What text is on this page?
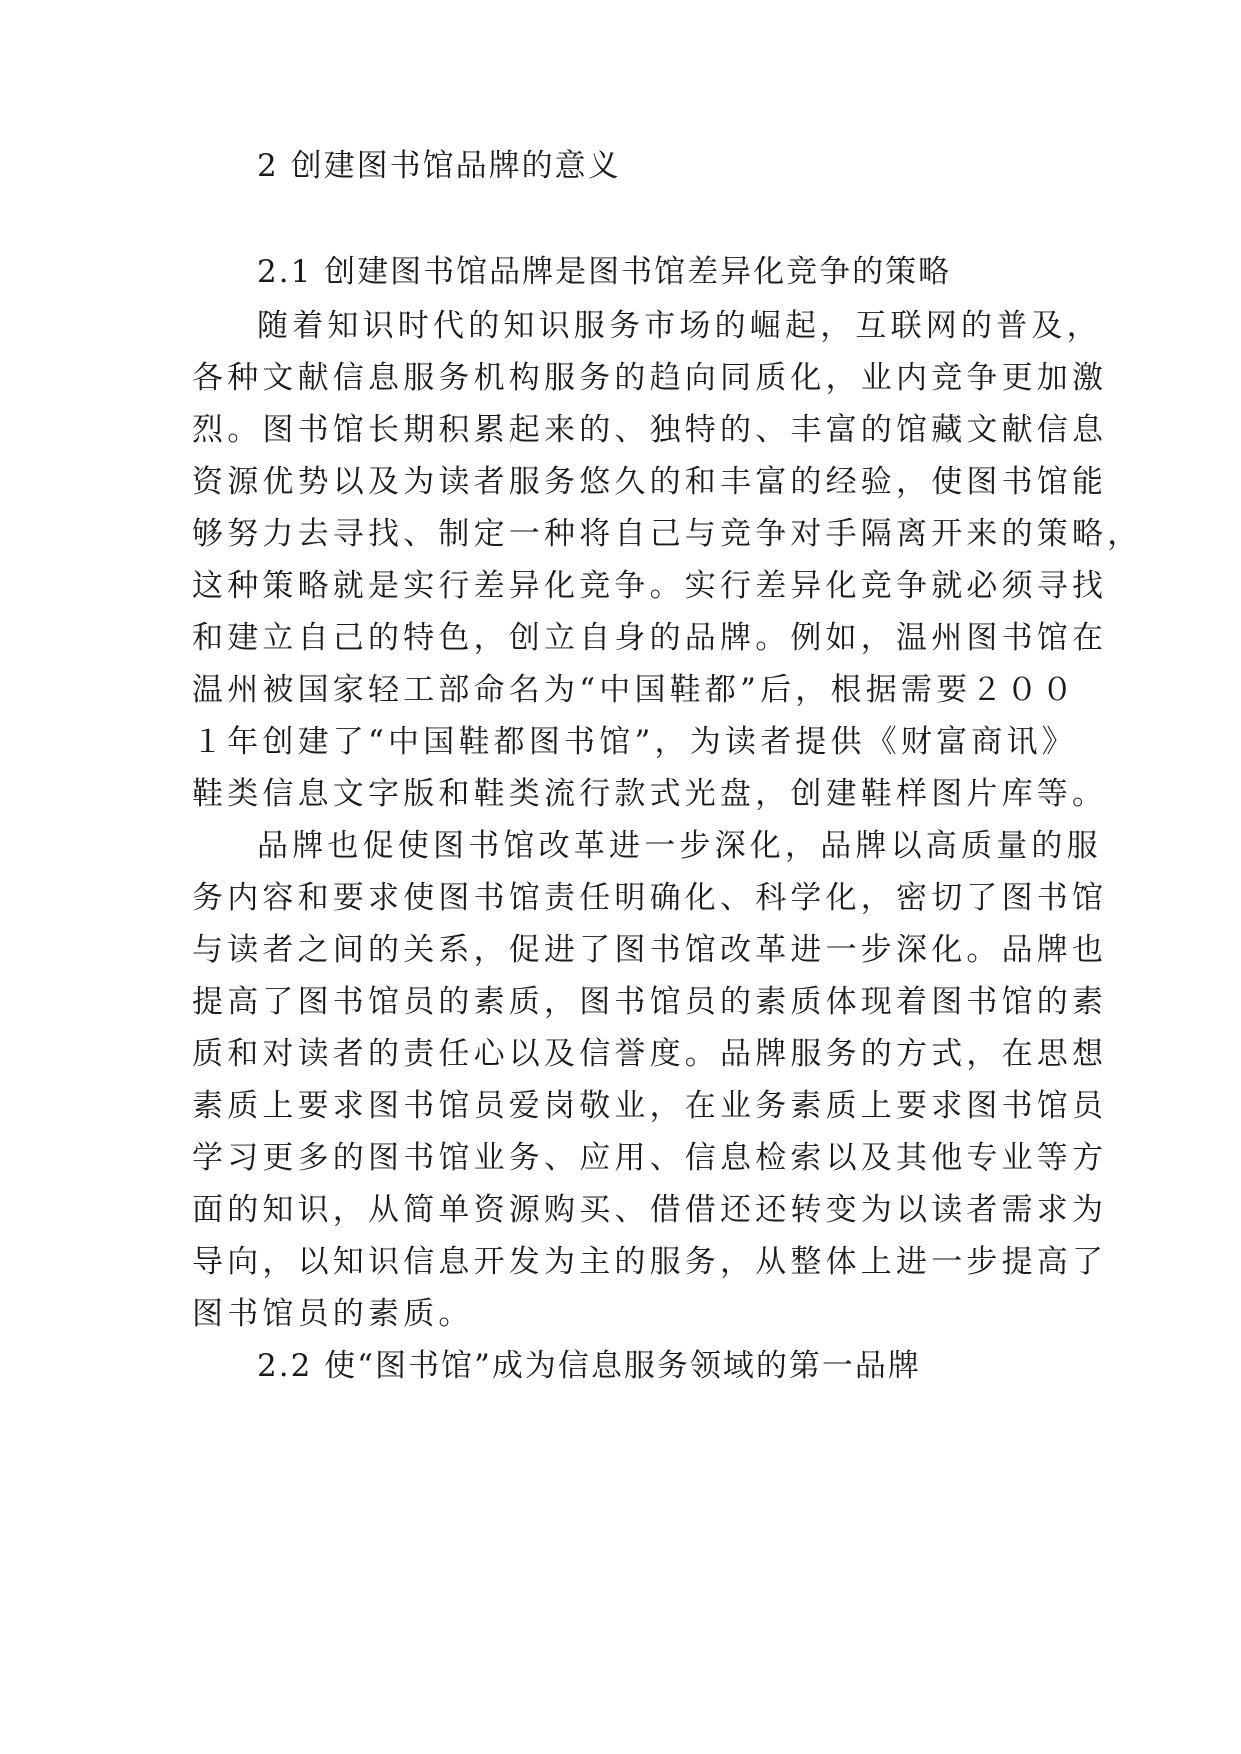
2 创建图书馆品牌的意义
2.1 创建图书馆品牌是图书馆差异化竞争的策略
随着知识时代的知识服务市场的崛起，互联网的普及，
各种文献信息服务机构服务的趋向同质化，业内竞争更加激
烈。图书馆长期积累起来的、独特的、丰富的馆藏文献信息
资源优势以及为读者服务悠久的和丰富的经验，使图书馆能
够努力去寻找、制定一种将自己与竞争对手隔离开来的策略，
这种策略就是实行差异化竞争。实行差异化竞争就必须寻找
和建立自己的特色，创立自身的品牌。例如，温州图书馆在
温州被国家轻工部命名为“中国鞋都”后，根据需要２００
１年创建了“中国鞋都图书馆”，为读者提供《财富商讯》
鞋类信息文字版和鞋类流行款式光盘，创建鞋样图片库等。
品牌也促使图书馆改革进一步深化，品牌以高质量的服
务内容和要求使图书馆责任明确化、科学化，密切了图书馆
与读者之间的关系，促进了图书馆改革进一步深化。品牌也
提高了图书馆员的素质，图书馆员的素质体现着图书馆的素
质和对读者的责任心以及信誉度。品牌服务的方式，在思想
素质上要求图书馆员爱岗敬业，在业务素质上要求图书馆员
学习更多的图书馆业务、应用、信息检索以及其他专业等方
面的知识，从简单资源购买、借借还还转变为以读者需求为
导向，以知识信息开发为主的服务，从整体上进一步提高了
图书馆员的素质。
2.2 使“图书馆”成为信息服务领域的第一品牌
